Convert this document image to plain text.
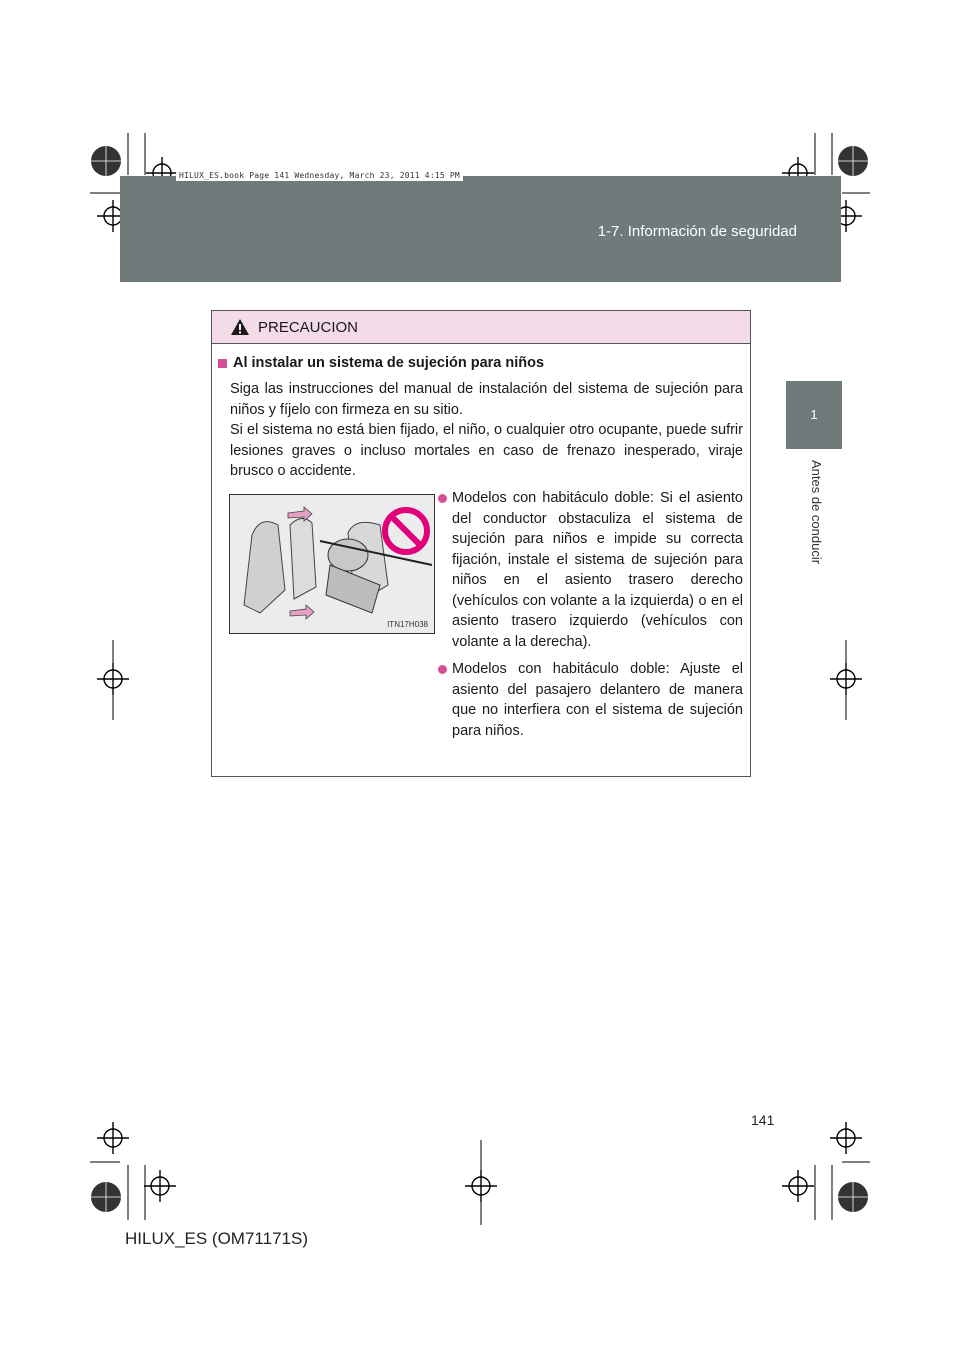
1-7. Información de seguridad
HILUX_ES.book Page 141 Wednesday, March 23, 2011 4:15 PM
1
Antes de conducir
PRECAUCION
Al instalar un sistema de sujeción para niños

Siga las instrucciones del manual de instalación del sistema de sujeción para niños y fíjelo con firmeza en su sitio.

Si el sistema no está bien fijado, el niño, o cualquier otro ocupante, puede sufrir lesiones graves o incluso mortales en caso de frenazo inesperado, viraje brusco o accidente.

ITN17H038
Modelos con habitáculo doble: Si el asiento del conductor obstaculiza el sistema de sujeción para niños e impide su correcta fijación, instale el sistema de sujeción para niños en el asiento trasero derecho (vehículos con volante a la izquierda) o en el asiento trasero izquierdo (vehículos con volante a la derecha).
Modelos con habitáculo doble: Ajuste el asiento del pasajero delantero de manera que no interfiera con el sistema de sujeción para niños.
141
HILUX_ES (OM71171S)
